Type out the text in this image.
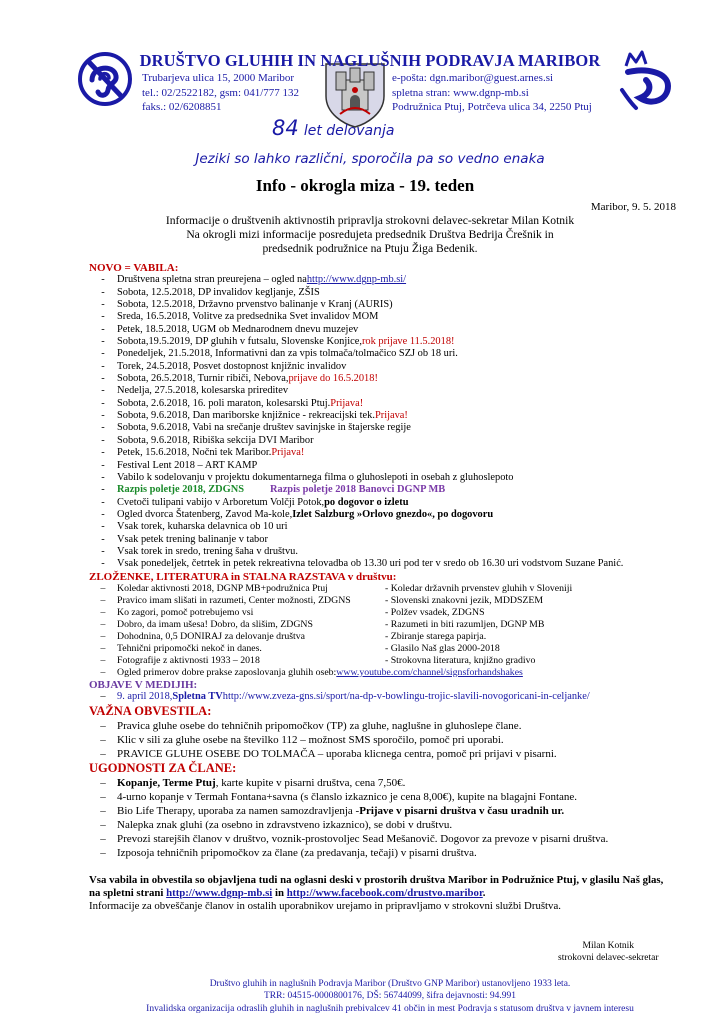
DRUŠTVO GLUHIH IN NAGLUŠNIH PODRAVJA MARIBOR
Trubarjeva ulica 15, 2000 Maribor
tel.: 02/2522182, gsm: 041/777 132
faks.: 02/6208851
e-pošta: dgn.maribor@guest.arnes.si
spletna stran: www.dgnp-mb.si
Podružnica Ptuj, Potrčeva ulica 34, 2250 Ptuj
84 let delovanja
Jeziki so lahko različni, sporočila pa so vedno enaka
Info - okrogla miza - 19. teden
Maribor, 9. 5. 2018
Informacije o društvenih aktivnostih pripravlja strokovni delavec-sekretar Milan Kotnik
Na okrogli mizi informacije posredujeta predsednik Društva Bedrija Črešnik in
predsednik podružnice na Ptuju Žiga Bedenik.
NOVO = VABILA:
-	Društvena spletna stran preurejena – ogled na http://www.dgnp-mb.si/
-	Sobota, 12.5.2018, DP invalidov kegljanje, ZŠIS
-	Sobota, 12.5.2018, Državno prvenstvo balinanje v Kranj (AURIS)
-	Sreda, 16.5.2018, Volitve za predsednika Svet invalidov MOM
-	Petek, 18.5.2018, UGM ob Mednarodnem dnevu muzejev
-	Sobota,19.5.2019, DP gluhih v futsalu, Slovenske Konjice, rok prijave 11.5.2018!
-	Ponedeljek, 21.5.2018, Informativni dan za vpis tolmača/tolmačico SZJ ob 18 uri.
-	Torek, 24.5.2018, Posvet dostopnost knjižnic invalidov
-	Sobota, 26.5.2018, Turnir ribiči, Nebova, prijave do 16.5.2018!
-	Nedelja, 27.5.2018, kolesarska prireditev
-	Sobota, 2.6.2018, 16. poli maraton, kolesarski Ptuj. Prijava!
-	Sobota, 9.6.2018, Dan mariborske knjižnice - rekreacijski tek. Prijava!
-	Sobota, 9.6.2018, Vabi na srečanje društev savinjske in štajerske regije
-	Sobota, 9.6.2018, Ribiška sekcija DVI Maribor
-	Petek, 15.6.2018, Nočni tek Maribor. Prijava!
-	Festival Lent 2018 – ART KAMP
-	Vabilo k sodelovanju v projektu dokumentarnega filma o gluhoslepoti in osebah z gluhoslepoto
-	Razpis poletje 2018, ZDGNS	Razpis poletje 2018 Banovci DGNP MB
-	Cvetoči tulipani vabijo v Arboretum Volčji Potok, po dogovor o izletu
-	Ogled dvorca Štatenberg, Zavod Ma-kole, Izlet Salzburg »Orlovo gnezdo«, po dogovoru
-	Vsak torek, kuharska delavnica ob 10 uri
-	Vsak petek trening balinanje v tabor
-	Vsak torek in sredo, trening šaha v društvu.
-	Vsak ponedeljek, četrtek in petek rekreativna telovadba ob 13.30 uri pod ter v sredo ob 16.30 uri vodstvom Suzane Panić.
ZLOŽENKE, LITERATURA in STALNA RAZSTAVA v društvu:
–	Koledar aktivnosti 2018, DGNP MB+podružnica Ptuj	- Koledar državnih prvenstev gluhih v Sloveniji
–	Pravico imam slišati in razumeti, Center možnosti, ZDGNS	- Slovenski znakovni jezik, MDDSZEM
–	Ko zagori, pomoč potrebujemo vsi	- Polžev vsadek, ZDGNS
–	Dobro, da imam ušesa! Dobro, da slišim, ZDGNS	- Razumeti in biti razumljen, DGNP MB
–	Dohodnina, 0,5 DONIRAJ za delovanje društva	- Zbiranje starega papirja.
–	Tehnični pripomočki nekoč in danes.	- Glasilo Naš glas 2000-2018
–	Fotografije z aktivnosti 1933 – 2018	- Strokovna literatura, knjižno gradivo
–	Ogled primerov dobre prakse zaposlovanja gluhih oseb: www.youtube.com/channel/signsforhandshakes
OBJAVE V MEDIJIH:
–	9. april 2018, Spletna TV http://www.zveza-gns.si/sport/na-dp-v-bowlingu-trojic-slavili-novogoricani-in-celjanke/
VAŽNA OBVESTILA:
–	Pravica gluhe osebe do tehničnih pripomočkov (TP) za gluhe, naglušne in gluhoslepe člane.
–	Klic v sili za gluhe osebe na številko 112 – možnost SMS sporočilo, pomoč pri uporabi.
–	PRAVICE GLUHE OSEBE DO TOLMAČA – uporaba klicnega centra, pomoč pri prijavi v pisarni.
UGODNOSTI ZA ČLANE:
–	Kopanje, Terme Ptuj , karte kupite v pisarni društva, cena 7,50€.
–	4-urno kopanje v Termah Fontana+savna (s članslo izkaznico je cena 8,00€), kupite na blagajni Fontane.
–	Bio Life Therapy, uporaba za namen samozdravljenja - Prijave v pisarni društva v času uradnih ur.
–	Nalepka znak gluhi (za osebno in zdravstveno izkaznico), se dobi v društvu.
–	Prevozi starejših članov v društvo, voznik-prostovoljec Sead Mešanovič. Dogovor za prevoze v pisarni društva.
–	Izposoja tehničnih pripomočkov za člane (za predavanja, tečaji) v pisarni društva.
Vsa vabila in obvestila so objavljena tudi na oglasni deski v prostorih društva Maribor in Podružnice Ptuj, v glasilu Naš glas,
na spletni strani http://www.dgnp-mb.si in http://www.facebook.com/drustvo.maribor.
Informacije za obveščanje članov in ostalih uporabnikov urejamo in pripravljamo v strokovni službi Društva.
Milan Kotnik
strokovni delavec-sekretar
Društvo gluhih in naglušnih Podravja Maribor (Društvo GNP Maribor) ustanovljeno 1933 leta.
TRR: 04515-0000800176, DŠ: 56744099, šifra dejavnosti: 94.991
Invalidska organizacija odraslih gluhih in naglušnih prebivalcev 41 občin in mest Podravja s statusom društva v javnem interesu
